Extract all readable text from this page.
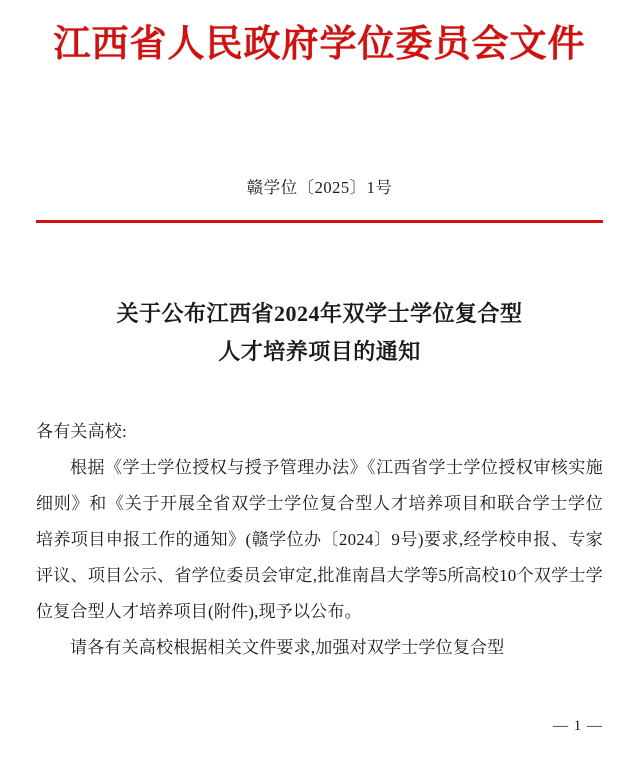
江西省人民政府学位委员会文件
赣学位〔2025〕1号
关于公布江西省2024年双学士学位复合型
人才培养项目的通知

各有关高校:

根据《学士学位授权与授予管理办法》《江西省学士学位授权审核实施细则》和《关于开展全省双学士学位复合型人才培养项目和联合学士学位培养项目申报工作的通知》(赣学位办〔2024〕9号)要求,经学校申报、专家评议、项目公示、省学位委员会审定,批准南昌大学等5所高校10个双学士学位复合型人才培养项目(附件),现予以公布。

请各有关高校根据相关文件要求,加强对双学士学位复合型

— 1 —
